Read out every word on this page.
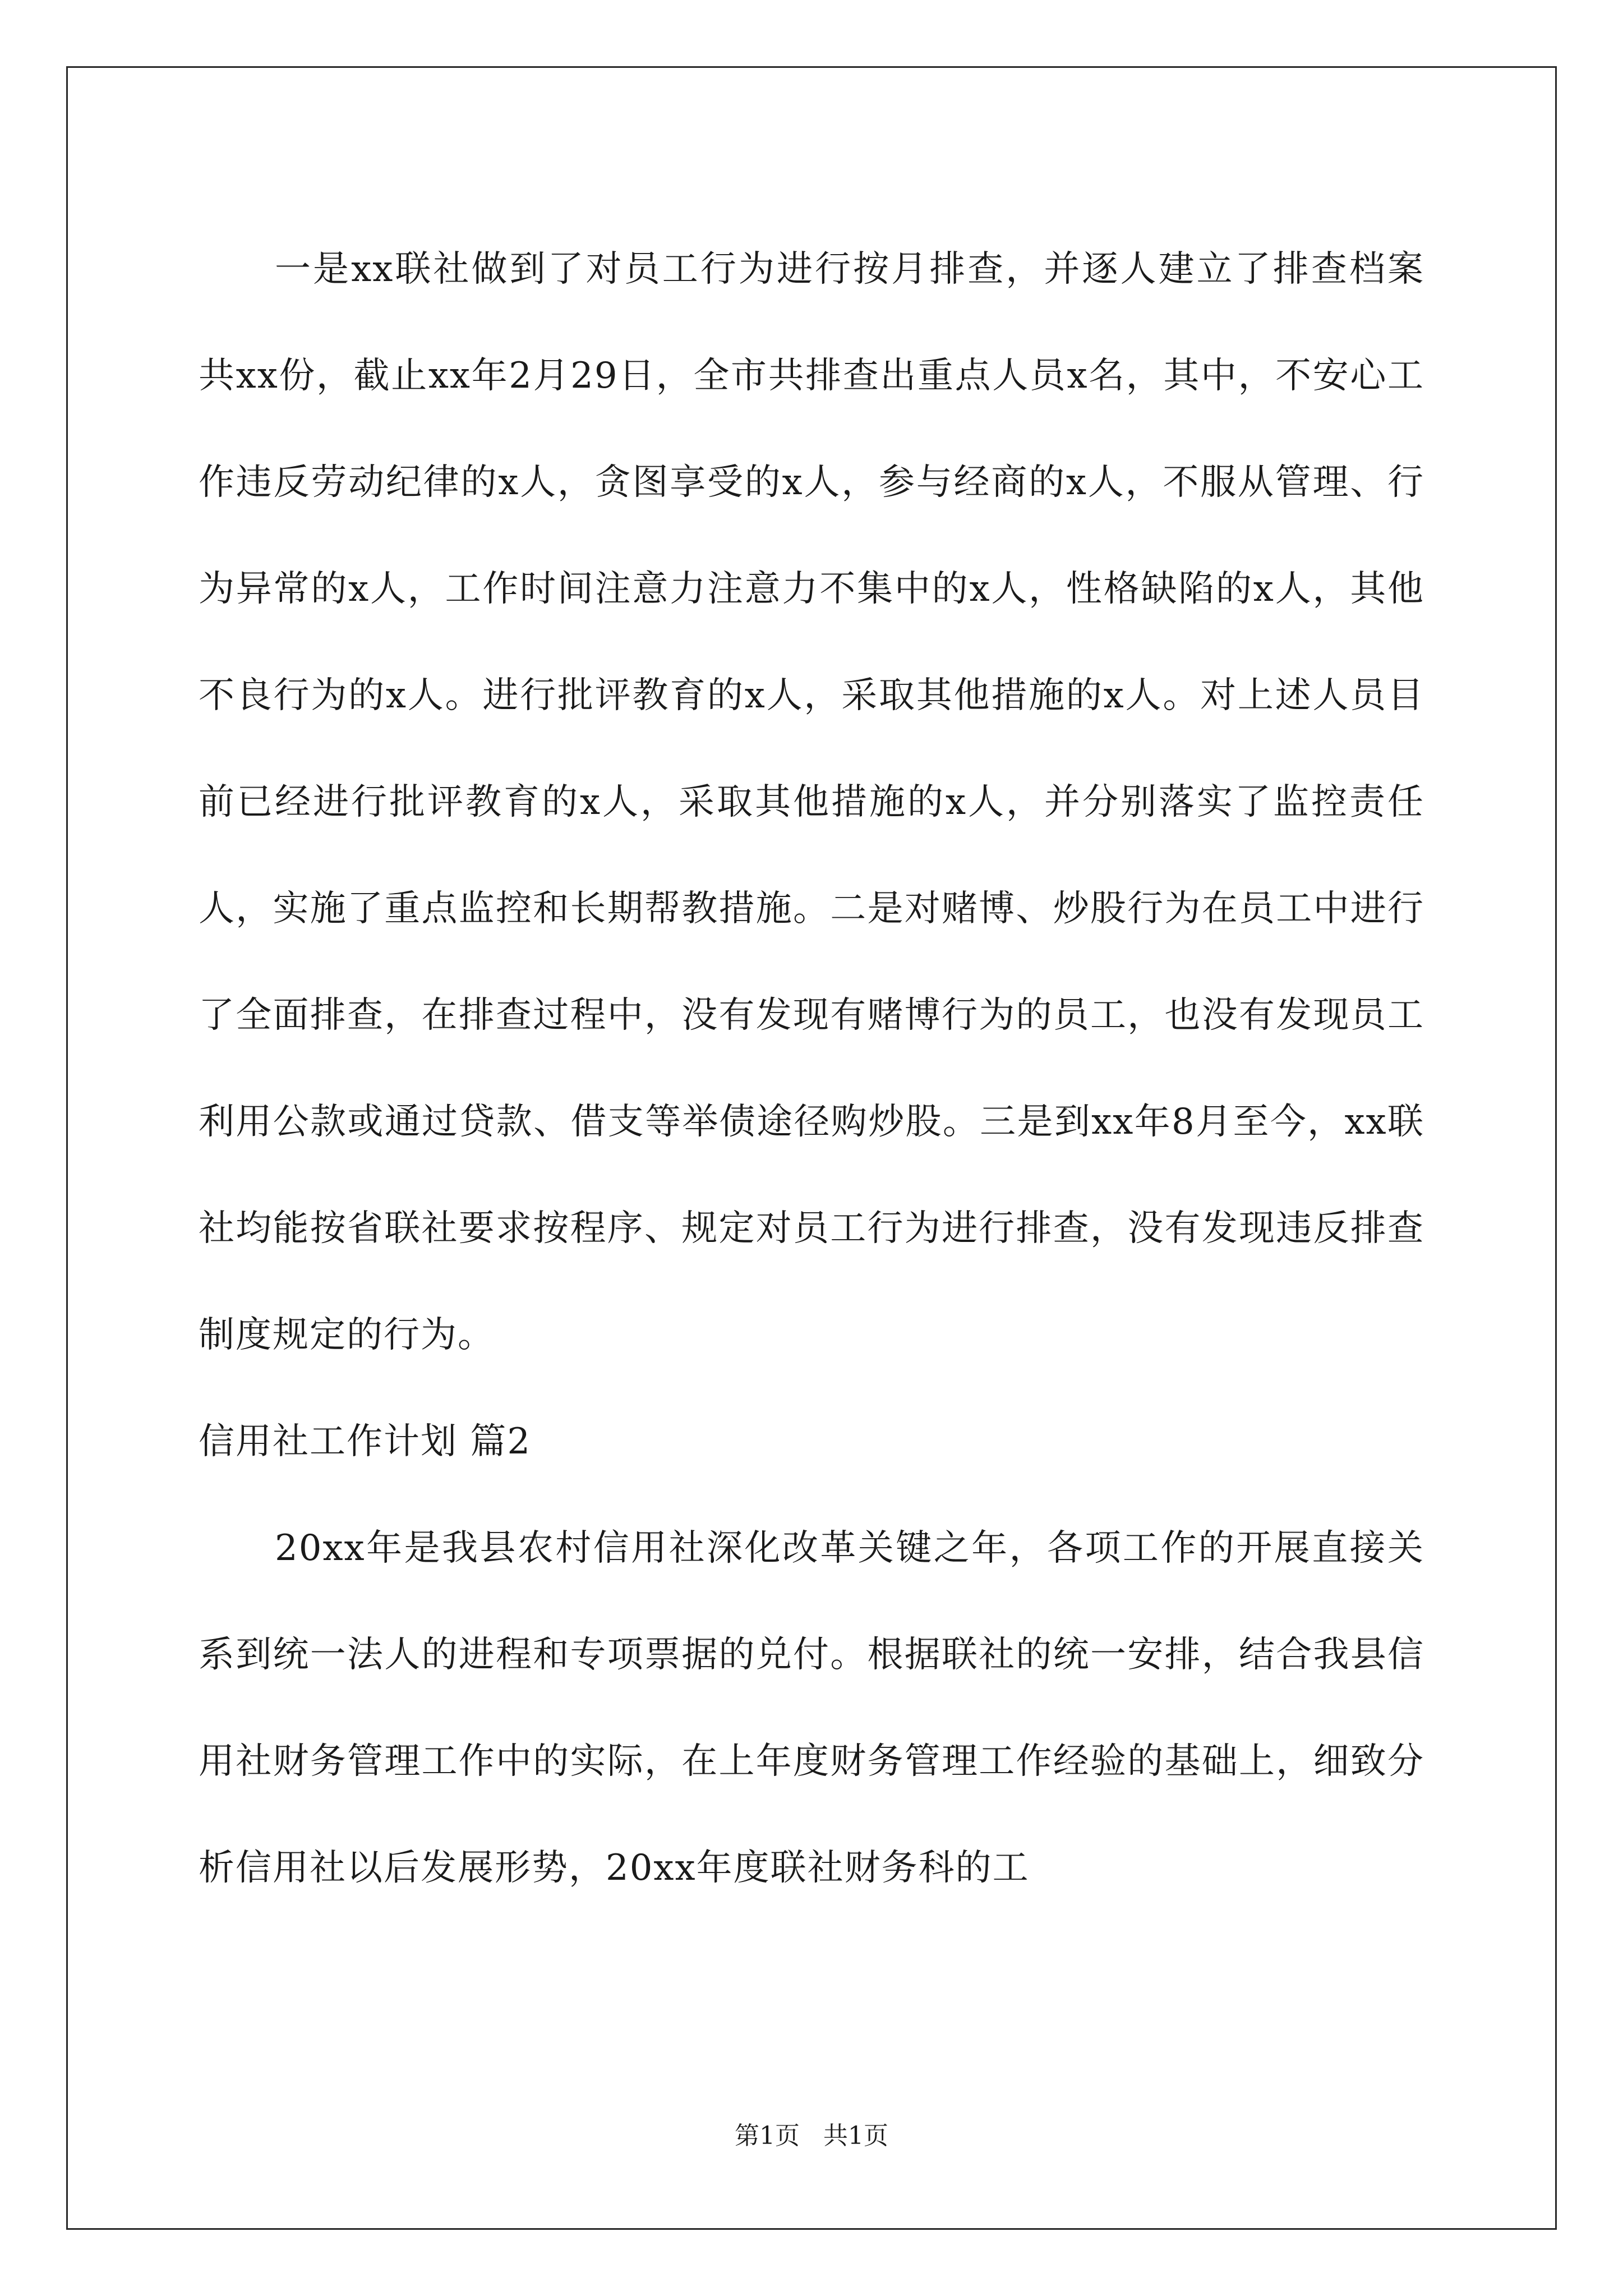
一是xx联社做到了对员工行为进行按月排查，并逐人建立了排查档案共xx份，截止xx年2月29日，全市共排查出重点人员x名，其中，不安心工作违反劳动纪律的x人，贪图享受的x人，参与经商的x人，不服从管理、行为异常的x人，工作时间注意力注意力不集中的x人，性格缺陷的x人，其他不良行为的x人。进行批评教育的x人，采取其他措施的x人。对上述人员目前已经进行批评教育的x人，采取其他措施的x人，并分别落实了监控责任人，实施了重点监控和长期帮教措施。二是对赌博、炒股行为在员工中进行了全面排查，在排查过程中，没有发现有赌博行为的员工，也没有发现员工利用公款或通过贷款、借支等举债途径购炒股。三是到xx年8月至今，xx联社均能按省联社要求按程序、规定对员工行为进行排查，没有发现违反排查制度规定的行为。

信用社工作计划 篇2

20xx年是我县农村信用社深化改革关键之年，各项工作的开展直接关系到统一法人的进程和专项票据的兑付。根据联社的统一安排，结合我县信用社财务管理工作中的实际，在上年度财务管理工作经验的基础上，细致分析信用社以后发展形势，20xx年度联社财务科的工

第1页   共1页
